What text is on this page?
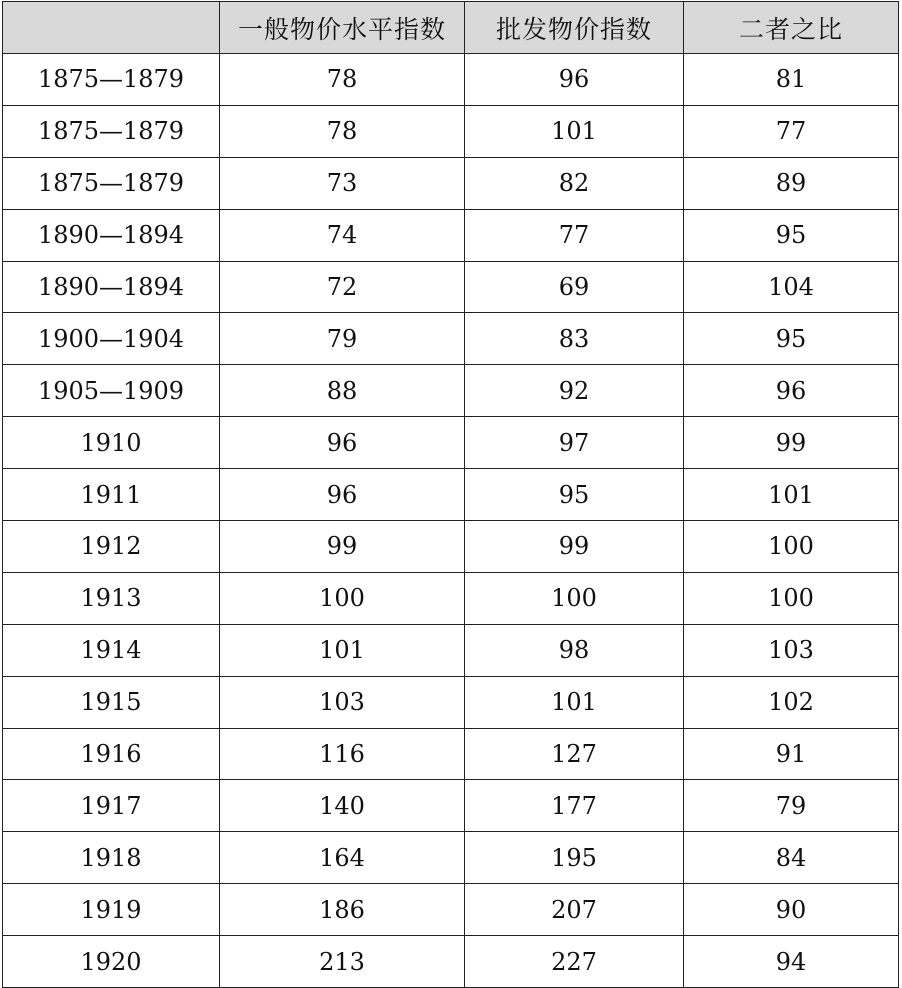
	一般物价水平指数	批发物价指数	二者之比
1875—1879	78	96	81
1875—1879	78	101	77
1875—1879	73	82	89
1890—1894	74	77	95
1890—1894	72	69	104
1900—1904	79	83	95
1905—1909	88	92	96
1910	96	97	99
1911	96	95	101
1912	99	99	100
1913	100	100	100
1914	101	98	103
1915	103	101	102
1916	116	127	91
1917	140	177	79
1918	164	195	84
1919	186	207	90
1920	213	227	94
